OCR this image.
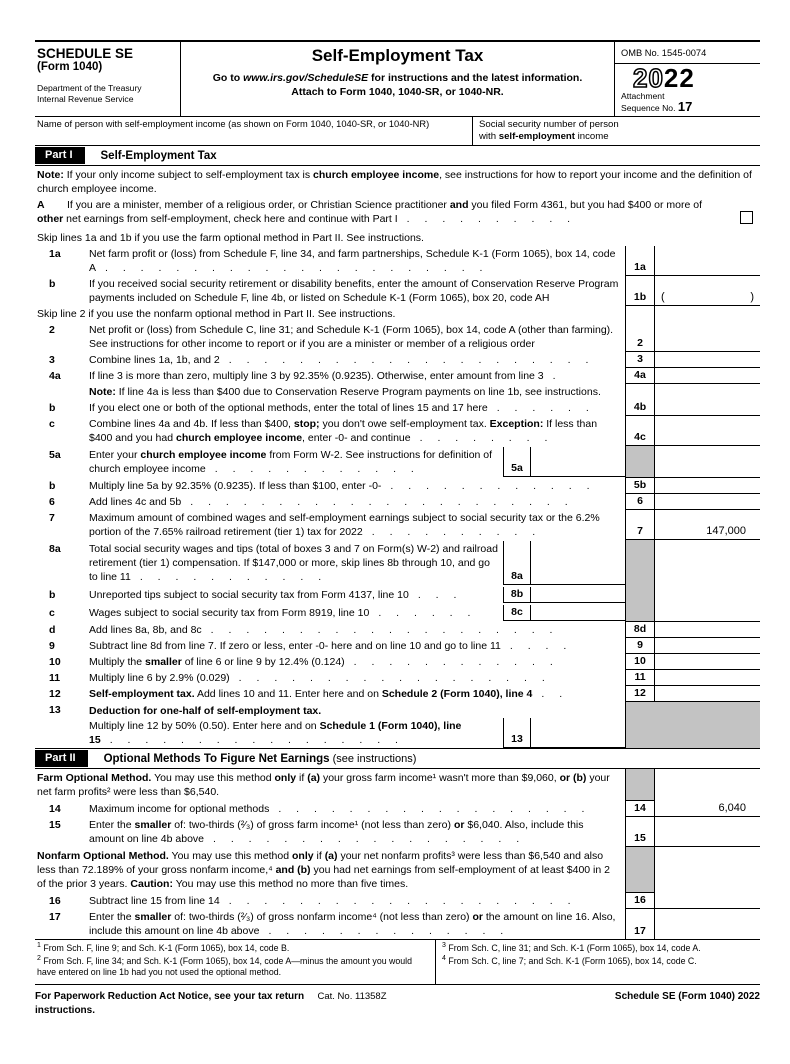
SCHEDULE SE
(Form 1040)
Department of the Treasury
Internal Revenue Service
Self-Employment Tax
Go to www.irs.gov/ScheduleSE for instructions and the latest information.
Attach to Form 1040, 1040-SR, or 1040-NR.
OMB No. 1545-0074
2022
Attachment
Sequence No. 17
Name of person with self-employment income (as shown on Form 1040, 1040-SR, or 1040-NR)	Social security number of person
with self-employment income
Part I	Self-Employment Tax
Note: If your only income subject to self-employment tax is church employee income, see instructions for how to report your income and the definition of church employee income.
A If you are a minister, member of a religious order, or Christian Science practitioner and you filed Form 4361, but you had $400 or more of other net earnings from self-employment, check here and continue with Part I . . . . . . . . . .
Skip lines 1a and 1b if you use the farm optional method in Part II. See instructions.
1a	Net farm profit or (loss) from Schedule F, line 34, and farm partnerships, Schedule K-1 (Form 1065), box 14, code A . . . . . . . . . . . . . . . . . . . . . .	1a
b	If you received social security retirement or disability benefits, enter the amount of Conservation Reserve Program payments included on Schedule F, line 4b, or listed on Schedule K-1 (Form 1065), box 20, code AH	1b	(	)
Skip line 2 if you use the nonfarm optional method in Part II. See instructions.
2	Net profit or (loss) from Schedule C, line 31; and Schedule K-1 (Form 1065), box 14, code A (other than farming). See instructions for other income to report or if you are a minister or member of a religious order	2
3	Combine lines 1a, 1b, and 2 . . . . . . . . . . . . . . . . . . . . .	3
4a	If line 3 is more than zero, multiply line 3 by 92.35% (0.9235). Otherwise, enter amount from line 3 .	4a
Note: If line 4a is less than $400 due to Conservation Reserve Program payments on line 1b, see instructions.
b	If you elect one or both of the optional methods, enter the total of lines 15 and 17 here . . . . . .	4b
c	Combine lines 4a and 4b. If less than $400, stop; you don't owe self-employment tax. Exception: If less than $400 and you had church employee income, enter -0- and continue . . . . . . . .	4c
5a	Enter your church employee income from Form W-2. See instructions for definition of church employee income . . . . . . . . . . . .	5a
b	Multiply line 5a by 92.35% (0.9235). If less than $100, enter -0- . . . . . . . . . . . .	5b
6	Add lines 4c and 5b . . . . . . . . . . . . . . . . . . . . . .	6
7	Maximum amount of combined wages and self-employment earnings subject to social security tax or the 6.2% portion of the 7.65% railroad retirement (tier 1) tax for 2022 . . . . . . . . . .	7	147,000
8a	Total social security wages and tips (total of boxes 3 and 7 on Form(s) W-2) and railroad retirement (tier 1) compensation. If $147,000 or more, skip lines 8b through 10, and go to line 11 . . . . . . . . . . .	8a
b	Unreported tips subject to social security tax from Form 4137, line 10 . . .	8b
c	Wages subject to social security tax from Form 8919, line 10 . . . . . .	8c
d	Add lines 8a, 8b, and 8c . . . . . . . . . . . . . . . . . . . .	8d
9	Subtract line 8d from line 7. If zero or less, enter -0- here and on line 10 and go to line 11 . . . .	9
10	Multiply the smaller of line 6 or line 9 by 12.4% (0.124) . . . . . . . . . . . .	10
11	Multiply line 6 by 2.9% (0.029) . . . . . . . . . . . . . . . . . .	11
12	Self-employment tax. Add lines 10 and 11. Enter here and on Schedule 2 (Form 1040), line 4 . .	12
13	Deduction for one-half of self-employment tax.
Multiply line 12 by 50% (0.50). Enter here and on Schedule 1 (Form 1040), line 15 . . . . . . . . . . . . . . . . .	13
Part II	Optional Methods To Figure Net Earnings (see instructions)
Farm Optional Method. You may use this method only if (a) your gross farm income¹ wasn't more than $9,060, or (b) your net farm profits² were less than $6,540.
14	Maximum income for optional methods . . . . . . . . . . . . . . . . . .	14	6,040
15	Enter the smaller of: two-thirds (²⁄₃) of gross farm income¹ (not less than zero) or $6,040. Also, include this amount on line 4b above . . . . . . . . . . . . . . . . . .	15
Nonfarm Optional Method. You may use this method only if (a) your net nonfarm profits³ were less than $6,540 and also less than 72.189% of your gross nonfarm income,⁴ and (b) you had net earnings from self-employment of at least $400 in 2 of the prior 3 years. Caution: You may use this method no more than five times.
16	Subtract line 15 from line 14 . . . . . . . . . . . . . . . . . . . .	16
17	Enter the smaller of: two-thirds (²⁄₃) of gross nonfarm income⁴ (not less than zero) or the amount on line 16. Also, include this amount on line 4b above . . . . . . . . . . . . . .	17
$^1$ From Sch. F, line 9; and Sch. K-1 (Form 1065), box 14, code B.
$^2$ From Sch. F, line 34; and Sch. K-1 (Form 1065), box 14, code A—minus the amount you would have entered on line 1b had you not used the optional method.
$^3$ From Sch. C, line 31; and Sch. K-1 (Form 1065), box 14, code A.
$^4$ From Sch. C, line 7; and Sch. K-1 (Form 1065), box 14, code C.
For Paperwork Reduction Act Notice, see your tax return instructions.
Cat. No. 11358Z	Schedule SE (Form 1040) 2022
